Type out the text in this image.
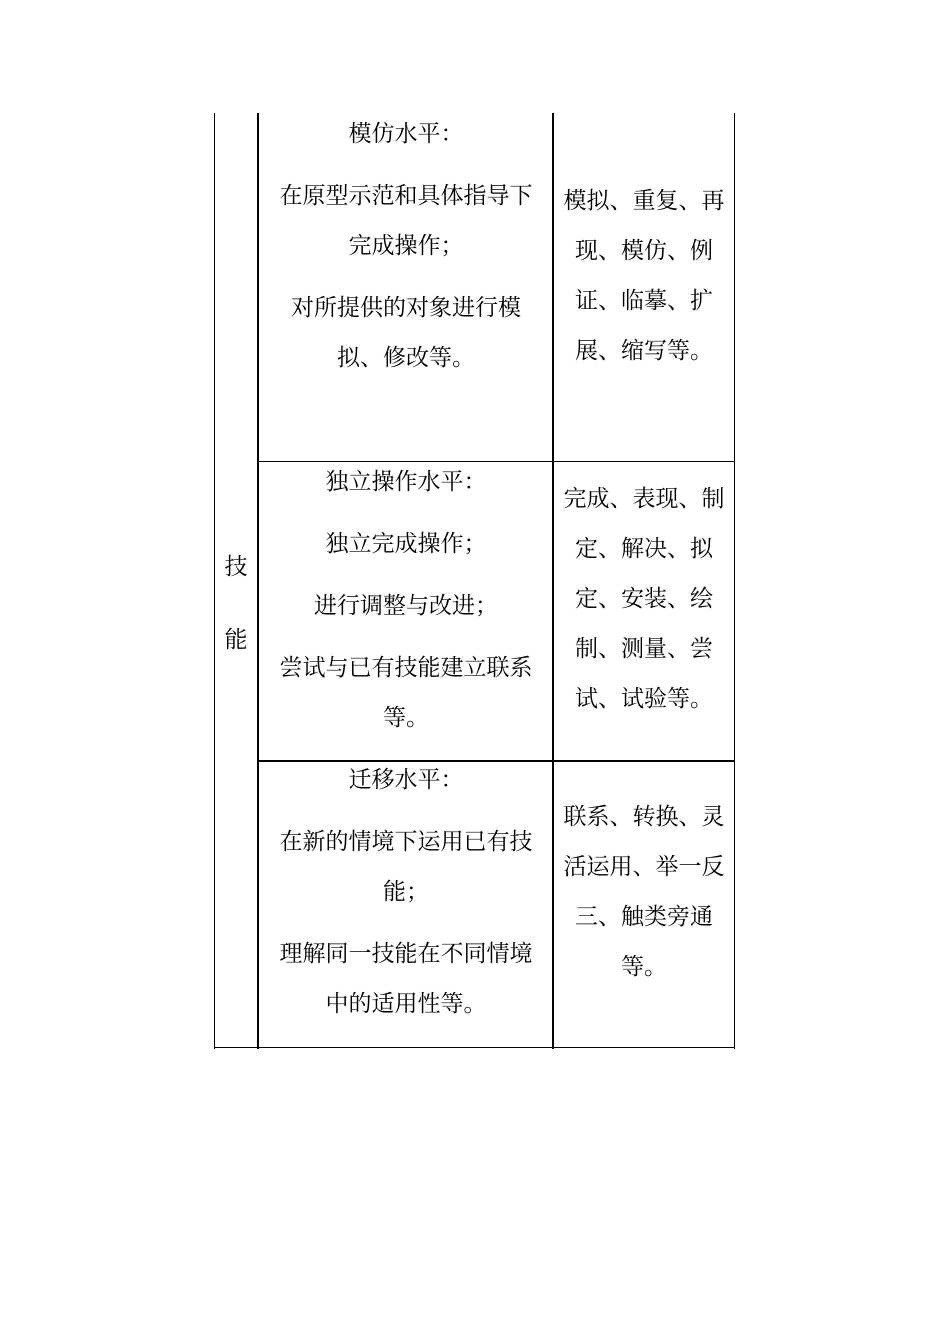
技

能

模仿水平：

在原型示范和具体指导下完成操作；

对所提供的对象进行模拟、修改等。

模拟、重复、再现、模仿、例证、临摹、扩展、缩写等。

独立操作水平：

独立完成操作；

进行调整与改进；

尝试与已有技能建立联系等。

完成、表现、制定、解决、拟定、安装、绘制、测量、尝试、试验等。

迁移水平：

在新的情境下运用已有技能；

理解同一技能在不同情境中的适用性等。

联系、转换、灵活运用、举一反三、触类旁通等。
